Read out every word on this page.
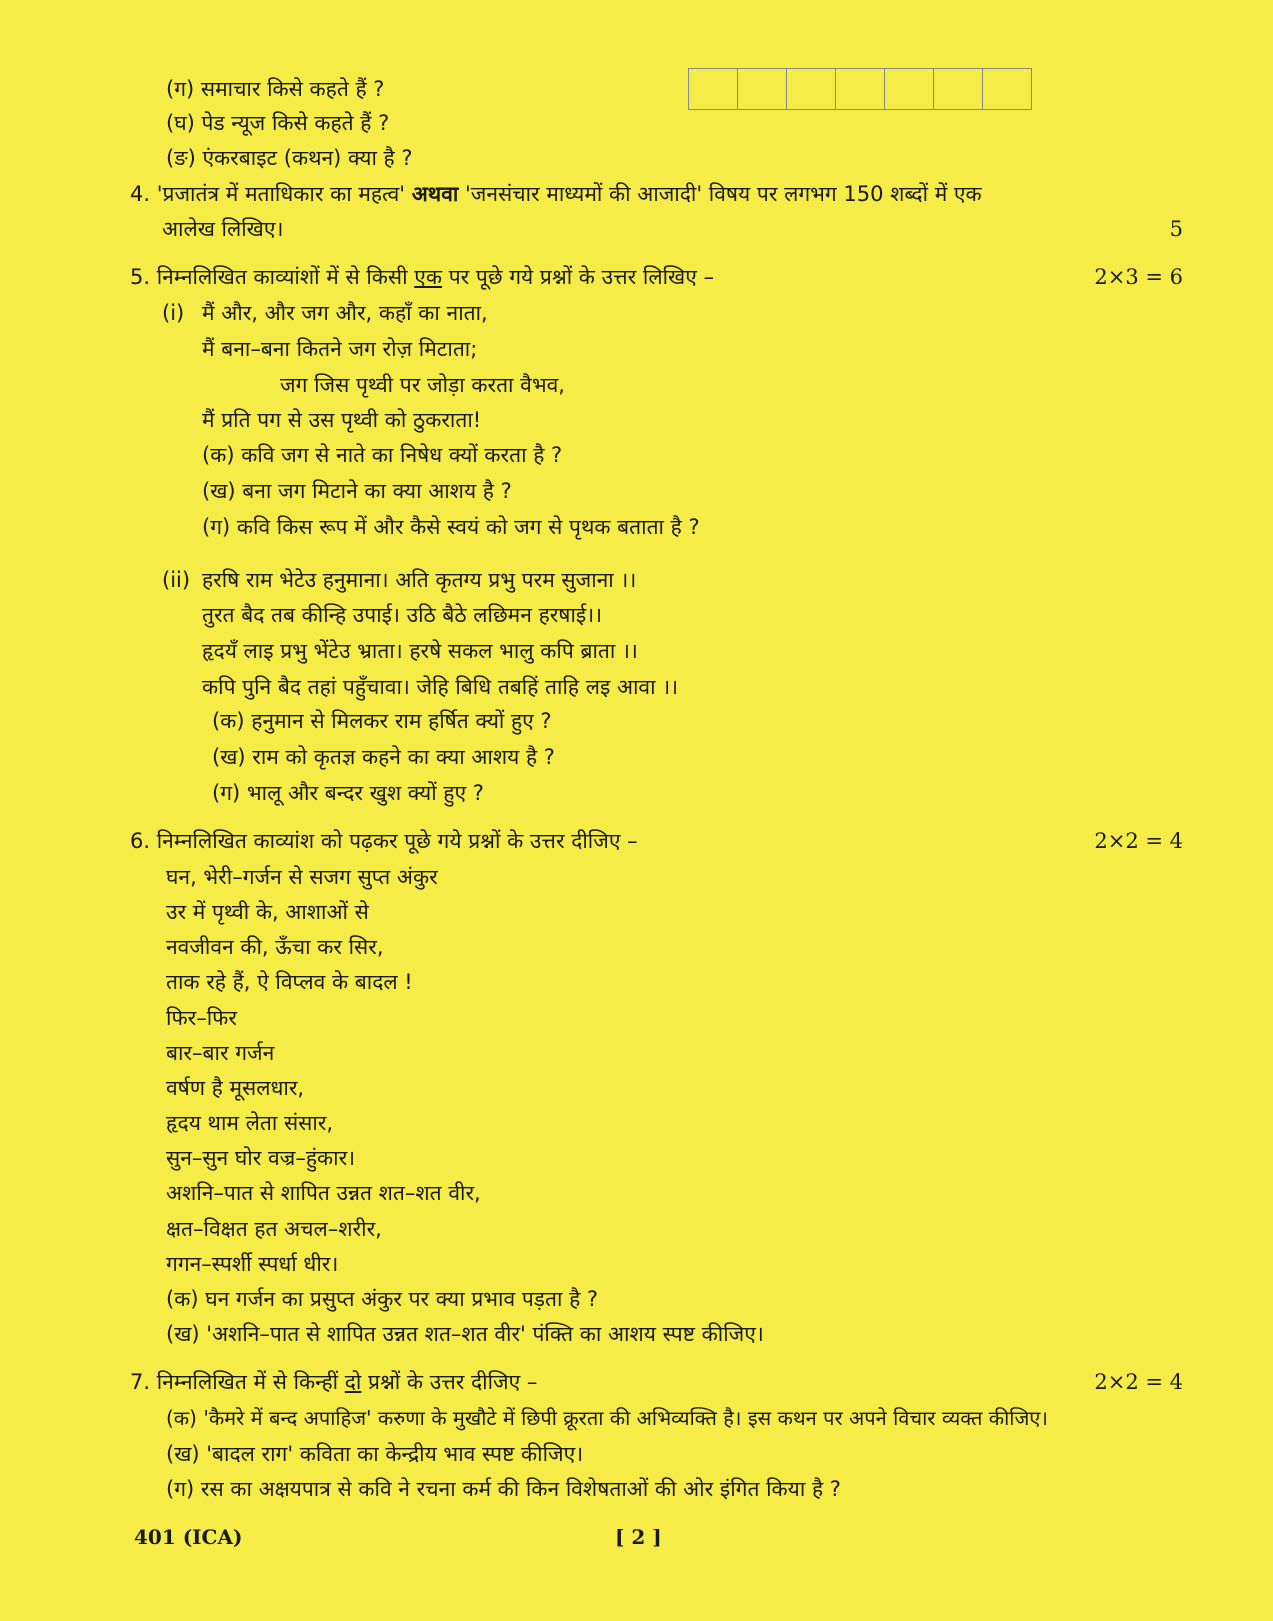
(ग) समाचार किसे कहते हैं ?
(घ) पेड न्यूज किसे कहते हैं ?
(ङ) एंकरबाइट (कथन) क्या है ?
4. 'प्रजातंत्र में मताधिकार का महत्व' अथवा 'जनसंचार माध्यमों की आजादी' विषय पर लगभग 150 शब्दों में एक
आलेख लिखिए।	5
5. निम्नलिखित काव्यांशों में से किसी एक पर पूछे गये प्रश्नों के उत्तर लिखिए –	2×3 = 6
(i) मैं और, और जग और, कहाँ का नाता,
मैं बना–बना कितने जग रोज़ मिटाता;
जग जिस पृथ्वी पर जोड़ा करता वैभव,
मैं प्रति पग से उस पृथ्वी को ठुकराता!
(क) कवि जग से नाते का निषेध क्यों करता है ?
(ख) बना जग मिटाने का क्या आशय है ?
(ग) कवि किस रूप में और कैसे स्वयं को जग से पृथक बताता है ?
(ii) हरषि राम भेटेउ हनुमाना। अति कृतग्य प्रभु परम सुजाना ।।
तुरत बैद तब कीन्हि उपाई। उठि बैठे लछिमन हरषाई।।
हृदयँ लाइ प्रभु भेंटेउ भ्राता। हरषे सकल भालु कपि ब्राता ।।
कपि पुनि बैद तहां पहुँचावा। जेहि बिधि तबहिं ताहि लइ आवा ।।
(क) हनुमान से मिलकर राम हर्षित क्यों हुए ?
(ख) राम को कृतज्ञ कहने का क्या आशय है ?
(ग) भालू और बन्दर खुश क्यों हुए ?
6. निम्नलिखित काव्यांश को पढ़कर पूछे गये प्रश्नों के उत्तर दीजिए –	2×2 = 4
घन, भेरी–गर्जन से सजग सुप्त अंकुर
उर में पृथ्वी के, आशाओं से
नवजीवन की, ऊँचा कर सिर,
ताक रहे हैं, ऐ विप्लव के बादल !
फिर–फिर
बार–बार गर्जन
वर्षण है मूसलधार,
हृदय थाम लेता संसार,
सुन–सुन घोर वज्र–हुंकार।
अशनि–पात से शापित उन्नत शत–शत वीर,
क्षत–विक्षत हत अचल–शरीर,
गगन–स्पर्शी स्पर्धा धीर।
(क) घन गर्जन का प्रसुप्त अंकुर पर क्या प्रभाव पड़ता है ?
(ख) 'अशनि–पात से शापित उन्नत शत–शत वीर' पंक्ति का आशय स्पष्ट कीजिए।
7. निम्नलिखित में से किन्हीं दो प्रश्नों के उत्तर दीजिए –	2×2 = 4
(क) 'कैमरे में बन्द अपाहिज' करुणा के मुखौटे में छिपी क्रूरता की अभिव्यक्ति है। इस कथन पर अपने विचार व्यक्त कीजिए।
(ख) 'बादल राग' कविता का केन्द्रीय भाव स्पष्ट कीजिए।
(ग) रस का अक्षयपात्र से कवि ने रचना कर्म की किन विशेषताओं की ओर इंगित किया है ?
401 (ICA)	[ 2 ]
